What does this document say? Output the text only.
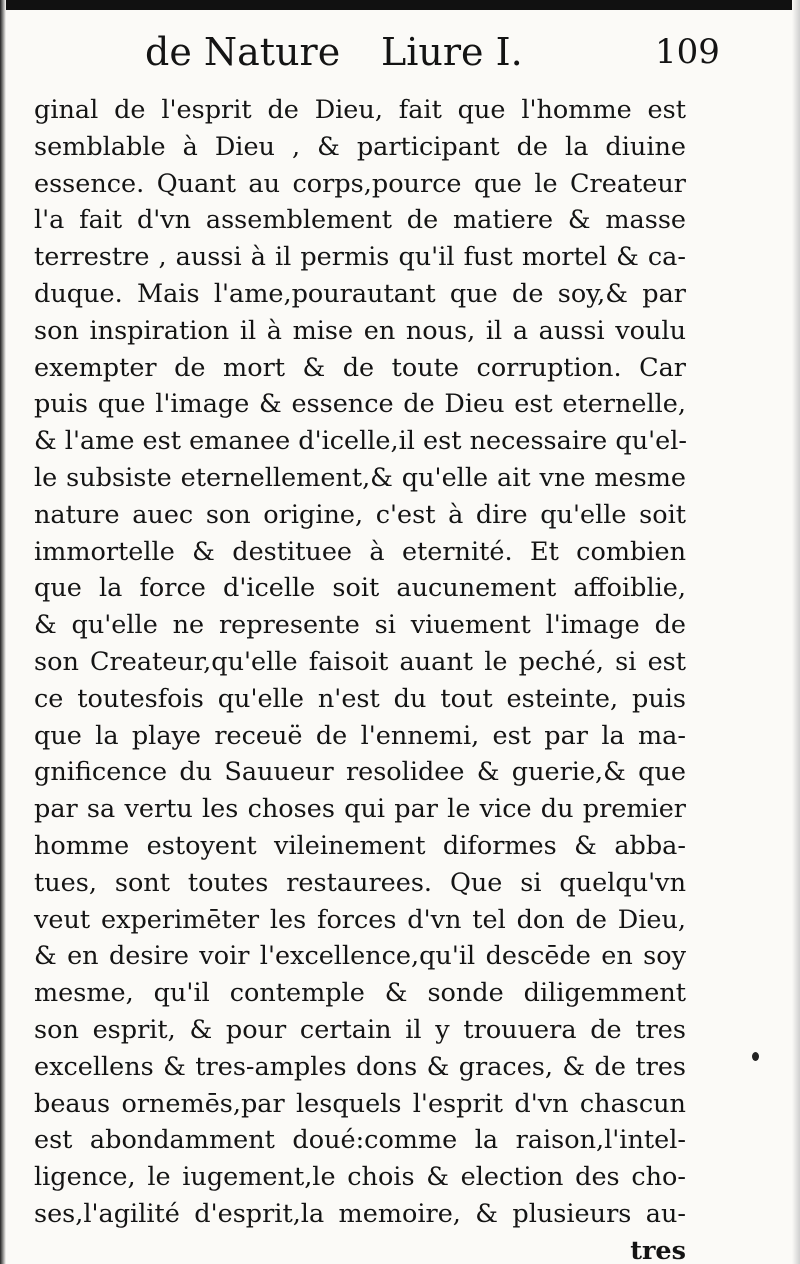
de Nature Liure I.	109
ginal de l'esprit de Dieu, fait que l'homme est
semblable à Dieu , & participant de la diuine
essence. Quant au corps,pource que le Createur
l'a fait d'vn assemblement de matiere & masse
terrestre , aussi à il permis qu'il fust mortel & ca-
duque. Mais l'ame,pourautant que de soy,& par
son inspiration il à mise en nous, il a aussi voulu
exempter de mort & de toute corruption. Car
puis que l'image & essence de Dieu est eternelle,
& l'ame est emanee d'icelle,il est necessaire qu'el-
le subsiste eternellement,& qu'elle ait vne mesme
nature auec son origine, c'est à dire qu'elle soit
immortelle & destituee à eternité. Et combien
que la force d'icelle soit aucunement affoiblie,
& qu'elle ne represente si viuement l'image de
son Createur,qu'elle faisoit auant le peché, si est
ce toutesfois qu'elle n'est du tout esteinte, puis
que la playe receuë de l'ennemi, est par la ma-
gnificence du Sauueur resolidee & guerie,& que
par sa vertu les choses qui par le vice du premier
homme estoyent vileinement diformes & abba-
tues, sont toutes restaurees. Que si quelqu'vn
veut experimēter les forces d'vn tel don de Dieu,
& en desire voir l'excellence,qu'il descēde en soy
mesme, qu'il contemple & sonde diligemment
son esprit, & pour certain il y trouuera de tres
excellens & tres-amples dons & graces, & de tres
beaus ornemēs,par lesquels l'esprit d'vn chascun
est abondamment doué:comme la raison,l'intel-
ligence, le iugement,le chois & election des cho-
ses,l'agilité d'esprit,la memoire, & plusieurs au-
tres
